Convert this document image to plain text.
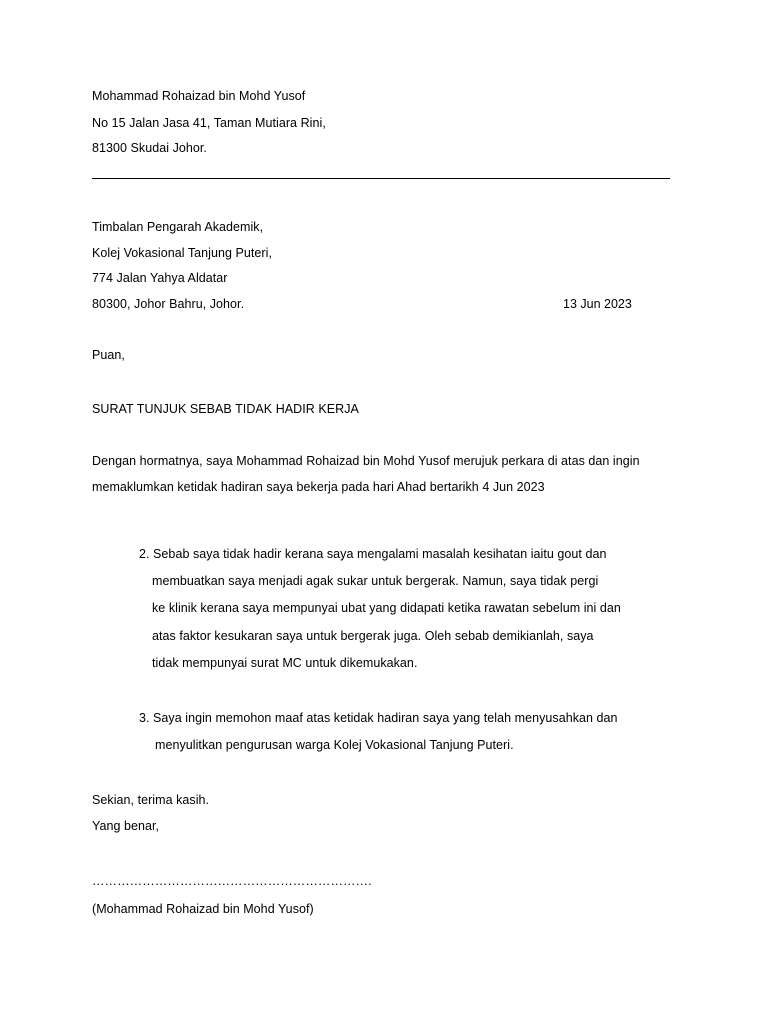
Mohammad Rohaizad bin Mohd Yusof
No 15 Jalan Jasa 41, Taman Mutiara Rini,
81300 Skudai Johor.
Timbalan Pengarah Akademik,
Kolej Vokasional Tanjung Puteri,
774 Jalan Yahya Aldatar
80300, Johor Bahru, Johor.	13 Jun 2023
Puan,
SURAT TUNJUK SEBAB TIDAK HADIR KERJA
Dengan hormatnya, saya Mohammad Rohaizad bin Mohd Yusof merujuk perkara di atas dan ingin
memaklumkan ketidak hadiran saya bekerja pada hari Ahad bertarikh 4 Jun 2023
2. Sebab saya tidak hadir kerana saya mengalami masalah kesihatan iaitu gout dan
membuatkan saya menjadi agak sukar untuk bergerak. Namun, saya tidak pergi
ke klinik kerana saya mempunyai ubat yang didapati ketika rawatan sebelum ini dan
atas faktor kesukaran saya untuk bergerak juga. Oleh sebab demikianlah, saya
tidak mempunyai surat MC untuk dikemukakan.
3. Saya ingin memohon maaf atas ketidak hadiran saya yang telah menyusahkan dan
menyulitkan pengurusan warga Kolej Vokasional Tanjung Puteri.
Sekian, terima kasih.
Yang benar,
………………………………………………………….
(Mohammad Rohaizad bin Mohd Yusof)
